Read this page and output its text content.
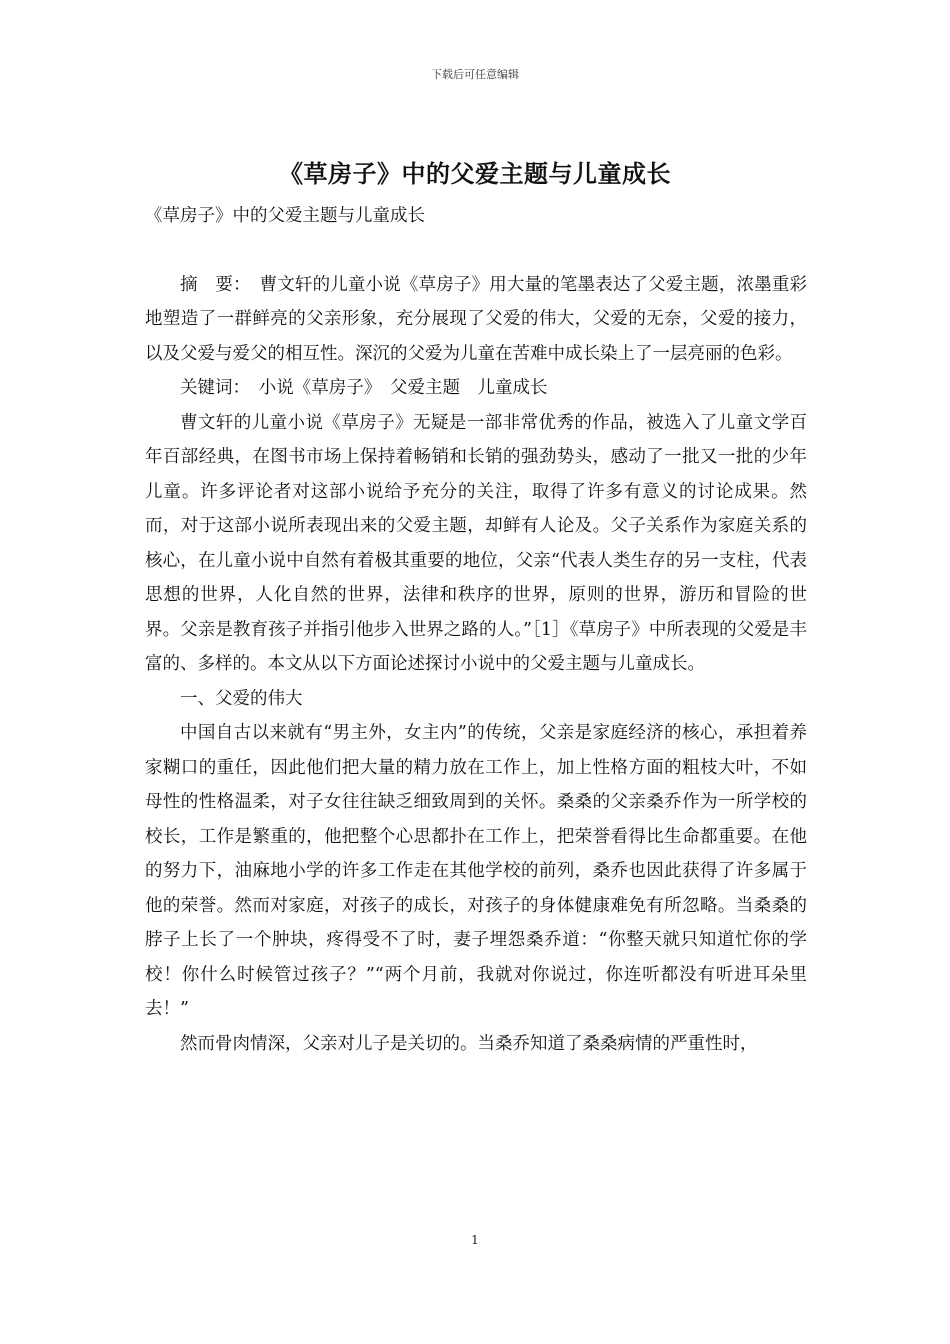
下载后可任意编辑
《草房子》中的父爱主题与儿童成长

《草房子》中的父爱主题与儿童成长

摘　要：　曹文轩的儿童小说《草房子》用大量的笔墨表达了父爱主题，浓墨重彩地塑造了一群鲜亮的父亲形象，充分展现了父爱的伟大，父爱的无奈，父爱的接力，以及父爱与爱父的相互性。深沉的父爱为儿童在苦难中成长染上了一层亮丽的色彩。

关键词：　小说《草房子》　父爱主题　儿童成长

曹文轩的儿童小说《草房子》无疑是一部非常优秀的作品，被选入了儿童文学百年百部经典，在图书市场上保持着畅销和长销的强劲势头，感动了一批又一批的少年儿童。许多评论者对这部小说给予充分的关注，取得了许多有意义的讨论成果。然而，对于这部小说所表现出来的父爱主题，却鲜有人论及。父子关系作为家庭关系的核心，在儿童小说中自然有着极其重要的地位，父亲“代表人类生存的另一支柱，代表思想的世界，人化自然的世界，法律和秩序的世界，原则的世界，游历和冒险的世界。父亲是教育孩子并指引他步入世界之路的人。”［1］《草房子》中所表现的父爱是丰富的、多样的。本文从以下方面论述探讨小说中的父爱主题与儿童成长。

一、父爱的伟大

中国自古以来就有“男主外，女主内”的传统，父亲是家庭经济的核心，承担着养家糊口的重任，因此他们把大量的精力放在工作上，加上性格方面的粗枝大叶，不如母性的性格温柔，对子女往往缺乏细致周到的关怀。桑桑的父亲桑乔作为一所学校的校长，工作是繁重的，他把整个心思都扑在工作上，把荣誉看得比生命都重要。在他的努力下，油麻地小学的许多工作走在其他学校的前列，桑乔也因此获得了许多属于他的荣誉。然而对家庭，对孩子的成长，对孩子的身体健康难免有所忽略。当桑桑的脖子上长了一个肿块，疼得受不了时，妻子埋怨桑乔道：“你整天就只知道忙你的学校！你什么时候管过孩子？”“两个月前，我就对你说过，你连听都没有听进耳朵里去！”

然而骨肉情深，父亲对儿子是关切的。当桑乔知道了桑桑病情的严重性时，

1
